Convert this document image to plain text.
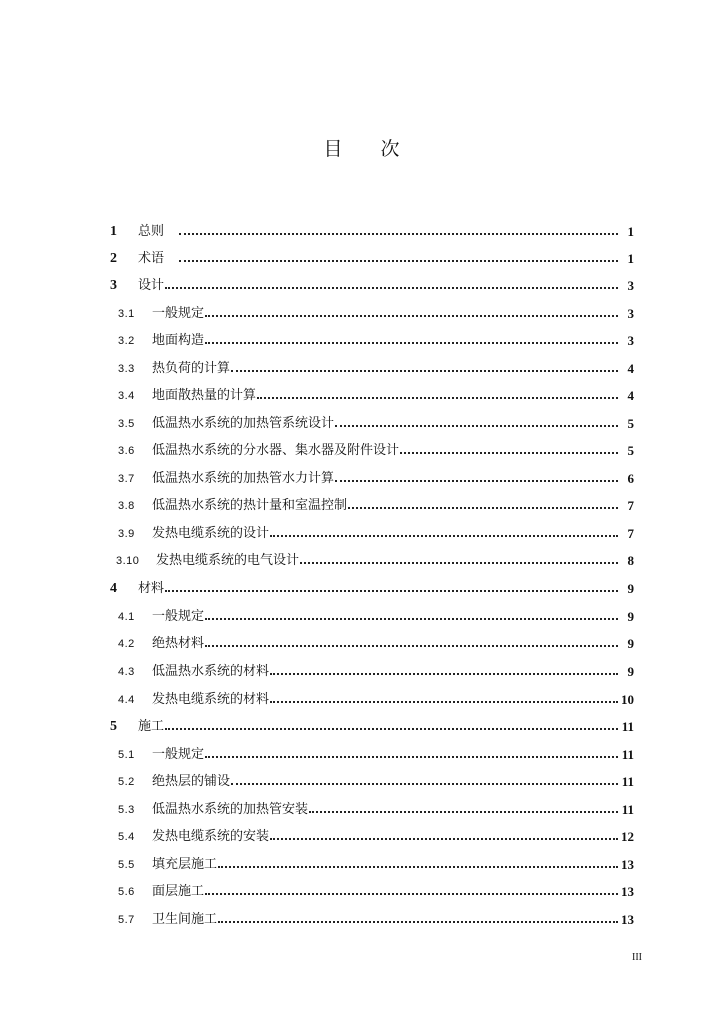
目 次
1	总则	1
2	术语	1
3	设计	3
3.1	一般规定	3
3.2	地面构造	3
3.3	热负荷的计算	4
3.4	地面散热量的计算	4
3.5	低温热水系统的加热管系统设计	5
3.6	低温热水系统的分水器、集水器及附件设计	5
3.7	低温热水系统的加热管水力计算	6
3.8	低温热水系统的热计量和室温控制	7
3.9	发热电缆系统的设计	7
3.10	发热电缆系统的电气设计	8
4	材料	9
4.1	一般规定	9
4.2	绝热材料	9
4.3	低温热水系统的材料	9
4.4	发热电缆系统的材料	10
5	施工	11
5.1	一般规定	11
5.2	绝热层的铺设	11
5.3	低温热水系统的加热管安装	11
5.4	发热电缆系统的安装	12
5.5	填充层施工	13
5.6	面层施工	13
5.7	卫生间施工	13
III
